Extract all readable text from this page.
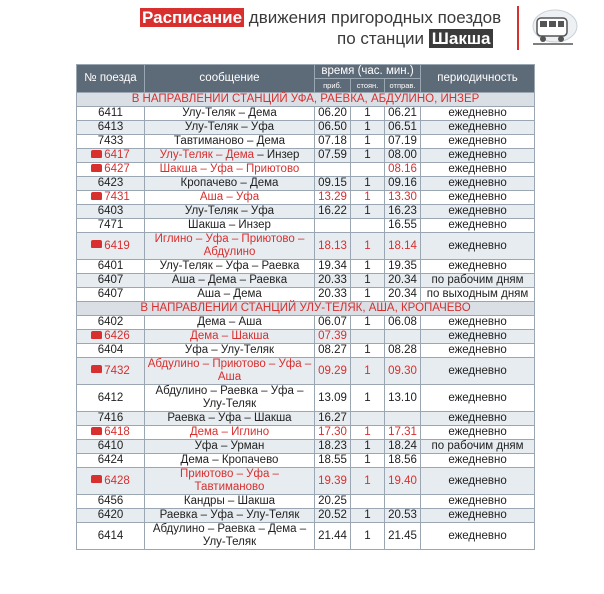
Расписание движения пригородных поездов
по станции Шакша
№ поезда	сообщение	время (час. мин.)			периодичность
		приб.	стоян.	отправ.	
В НАПРАВЛЕНИИ СТАНЦИЙ УФА, РАЕВКА, АБДУЛИНО, ИНЗЕР					
6411	Улу-Теляк – Дема	06.20	1	06.21	ежедневно
6413	Улу-Теляк – Уфа	06.50	1	06.51	ежедневно
7433	Тавтиманово – Дема	07.18	1	07.19	ежедневно
6417	Улу-Теляк – Дема – Инзер	07.59	1	08.00	ежедневно
6427	Шакша – Уфа – Приютово			08.16	ежедневно
6423	Кропачево – Дема	09.15	1	09.16	ежедневно
7431	Аша – Уфа	13.29	1	13.30	ежедневно
6403	Улу-Теляк – Уфа	16.22	1	16.23	ежедневно
7471	Шакша – Инзер			16.55	ежедневно
6419	Иглино – Уфа – Приютово – Абдулино	18.13	1	18.14	ежедневно
6401	Улу-Теляк – Уфа – Раевка	19.34	1	19.35	ежедневно
6407	Аша – Дема – Раевка	20.33	1	20.34	по рабочим дням
6407	Аша – Дема	20.33	1	20.34	по выходным дням
В НАПРАВЛЕНИИ СТАНЦИЙ УЛУ-ТЕЛЯК, АША, КРОПАЧЕВО					
6402	Дема – Аша	06.07	1	06.08	ежедневно
6426	Дема – Шакша	07.39			ежедневно
6404	Уфа – Улу-Теляк	08.27	1	08.28	ежедневно
7432	Абдулино – Приютово – Уфа – Аша	09.29	1	09.30	ежедневно
6412	Абдулино – Раевка – Уфа – Улу-Теляк	13.09	1	13.10	ежедневно
7416	Раевка – Уфа – Шакша	16.27			ежедневно
6418	Дема – Иглино	17.30	1	17.31	ежедневно
6410	Уфа – Урман	18.23	1	18.24	по рабочим дням
6424	Дема – Кропачево	18.55	1	18.56	ежедневно
6428	Приютово – Уфа – Тавтиманово	19.39	1	19.40	ежедневно
6456	Кандры – Шакша	20.25			ежедневно
6420	Раевка – Уфа – Улу-Теляк	20.52	1	20.53	ежедневно
6414	Абдулино – Раевка – Дема – Улу-Теляк	21.44	1	21.45	ежедневно
